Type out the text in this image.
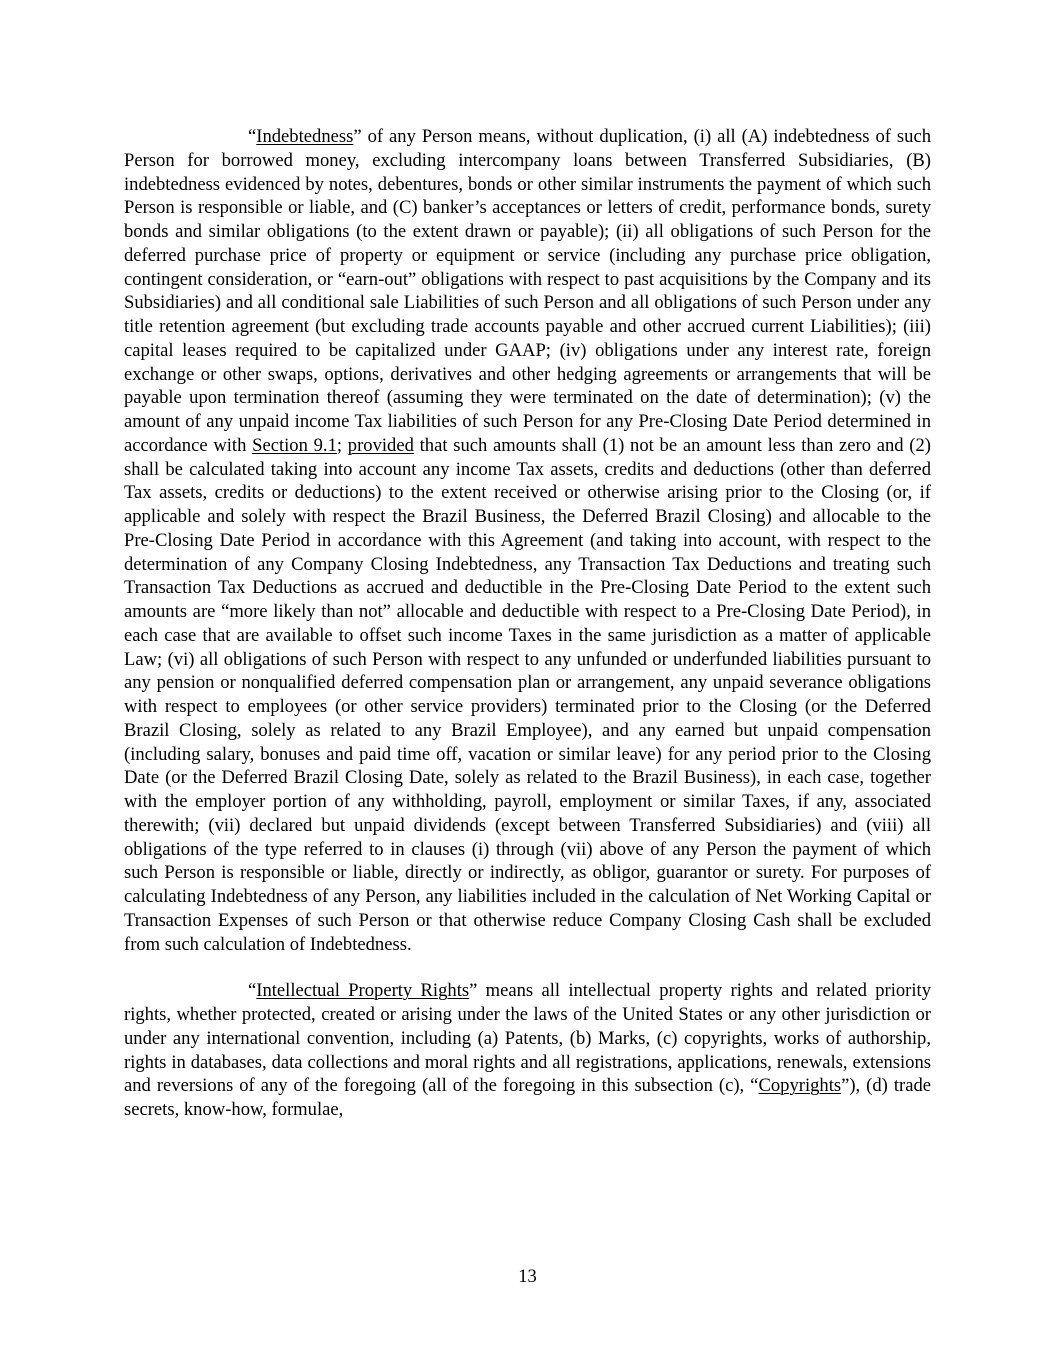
“Indebtedness” of any Person means, without duplication, (i) all (A) indebtedness of such Person for borrowed money, excluding intercompany loans between Transferred Subsidiaries, (B) indebtedness evidenced by notes, debentures, bonds or other similar instruments the payment of which such Person is responsible or liable, and (C) banker’s acceptances or letters of credit, performance bonds, surety bonds and similar obligations (to the extent drawn or payable); (ii) all obligations of such Person for the deferred purchase price of property or equipment or service (including any purchase price obligation, contingent consideration, or “earn-out” obligations with respect to past acquisitions by the Company and its Subsidiaries) and all conditional sale Liabilities of such Person and all obligations of such Person under any title retention agreement (but excluding trade accounts payable and other accrued current Liabilities); (iii) capital leases required to be capitalized under GAAP; (iv) obligations under any interest rate, foreign exchange or other swaps, options, derivatives and other hedging agreements or arrangements that will be payable upon termination thereof (assuming they were terminated on the date of determination); (v) the amount of any unpaid income Tax liabilities of such Person for any Pre-Closing Date Period determined in accordance with Section 9.1; provided that such amounts shall (1) not be an amount less than zero and (2) shall be calculated taking into account any income Tax assets, credits and deductions (other than deferred Tax assets, credits or deductions) to the extent received or otherwise arising prior to the Closing (or, if applicable and solely with respect the Brazil Business, the Deferred Brazil Closing) and allocable to the Pre-Closing Date Period in accordance with this Agreement (and taking into account, with respect to the determination of any Company Closing Indebtedness, any Transaction Tax Deductions and treating such Transaction Tax Deductions as accrued and deductible in the Pre-Closing Date Period to the extent such amounts are “more likely than not” allocable and deductible with respect to a Pre-Closing Date Period), in each case that are available to offset such income Taxes in the same jurisdiction as a matter of applicable Law; (vi) all obligations of such Person with respect to any unfunded or underfunded liabilities pursuant to any pension or nonqualified deferred compensation plan or arrangement, any unpaid severance obligations with respect to employees (or other service providers) terminated prior to the Closing (or the Deferred Brazil Closing, solely as related to any Brazil Employee), and any earned but unpaid compensation (including salary, bonuses and paid time off, vacation or similar leave) for any period prior to the Closing Date (or the Deferred Brazil Closing Date, solely as related to the Brazil Business), in each case, together with the employer portion of any withholding, payroll, employment or similar Taxes, if any, associated therewith; (vii) declared but unpaid dividends (except between Transferred Subsidiaries) and (viii) all obligations of the type referred to in clauses (i) through (vii) above of any Person the payment of which such Person is responsible or liable, directly or indirectly, as obligor, guarantor or surety. For purposes of calculating Indebtedness of any Person, any liabilities included in the calculation of Net Working Capital or Transaction Expenses of such Person or that otherwise reduce Company Closing Cash shall be excluded from such calculation of Indebtedness.

“Intellectual Property Rights” means all intellectual property rights and related priority rights, whether protected, created or arising under the laws of the United States or any other jurisdiction or under any international convention, including (a) Patents, (b) Marks, (c) copyrights, works of authorship, rights in databases, data collections and moral rights and all registrations, applications, renewals, extensions and reversions of any of the foregoing (all of the foregoing in this subsection (c), “Copyrights”), (d) trade secrets, know-how, formulae,

13
